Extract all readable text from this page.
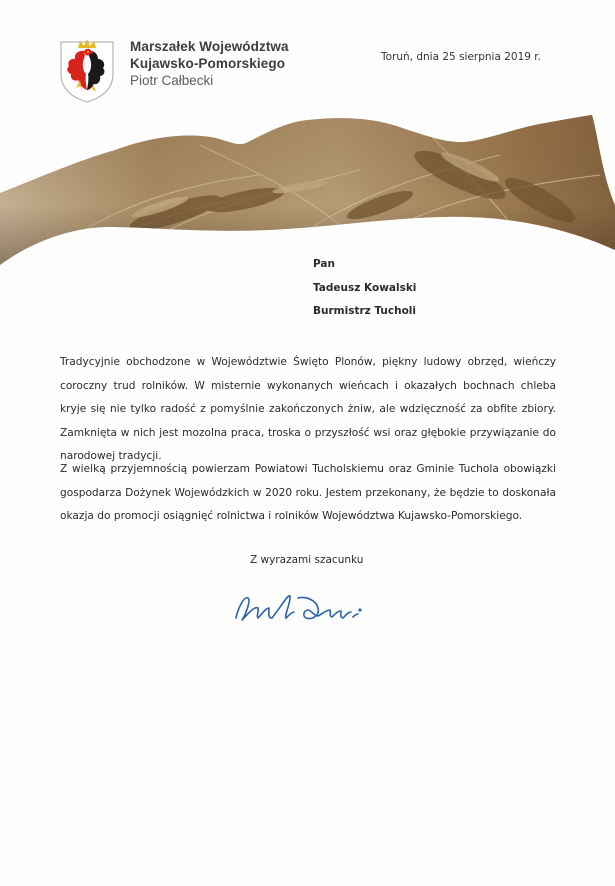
Marszałek Województwa
Kujawsko-Pomorskiego
Piotr Całbecki
Toruń, dnia 25 sierpnia 2019 r.
Pan
Tadeusz Kowalski
Burmistrz Tucholi
Tradycyjnie obchodzone w Województwie Święto Plonów, piękny ludowy obrzęd, wieńczy coroczny trud rolników. W misternie wykonanych wieńcach i okazałych bochnach chleba kryje się nie tylko radość z pomyślnie zakończonych żniw, ale wdzięczność za obfite zbiory. Zamknięta w nich jest mozolna praca, troska o przyszłość wsi oraz głębokie przywiązanie do narodowej tradycji.
Z wielką przyjemnością powierzam Powiatowi Tucholskiemu oraz Gminie Tuchola obowiązki gospodarza Dożynek Wojewódzkich w 2020 roku. Jestem przekonany, że będzie to doskonała okazja do promocji osiągnięć rolnictwa i rolników Województwa Kujawsko-Pomorskiego.
Z wyrazami szacunku
